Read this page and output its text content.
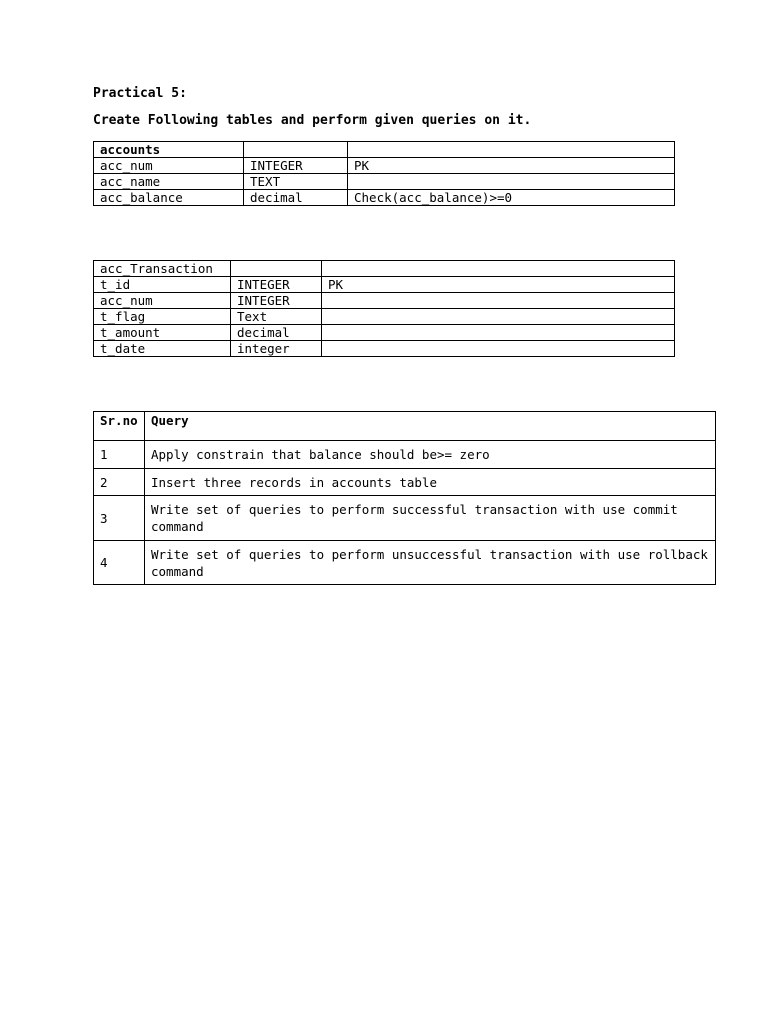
Practical 5:

Create Following tables and perform given queries on it.

accounts		
acc_num	INTEGER	PK
acc_name	TEXT	
acc_balance	decimal	Check(acc_balance)>=0
acc_Transaction		
t_id	INTEGER	PK
acc_num	INTEGER	
t_flag	Text	
t_amount	decimal	
t_date	integer	
Sr.no	Query
1	Apply constrain that balance should be>= zero
2	Insert three records in accounts table
3	Write set of queries to perform successful transaction with use commit command
4	Write set of queries to perform unsuccessful transaction with use rollback command
